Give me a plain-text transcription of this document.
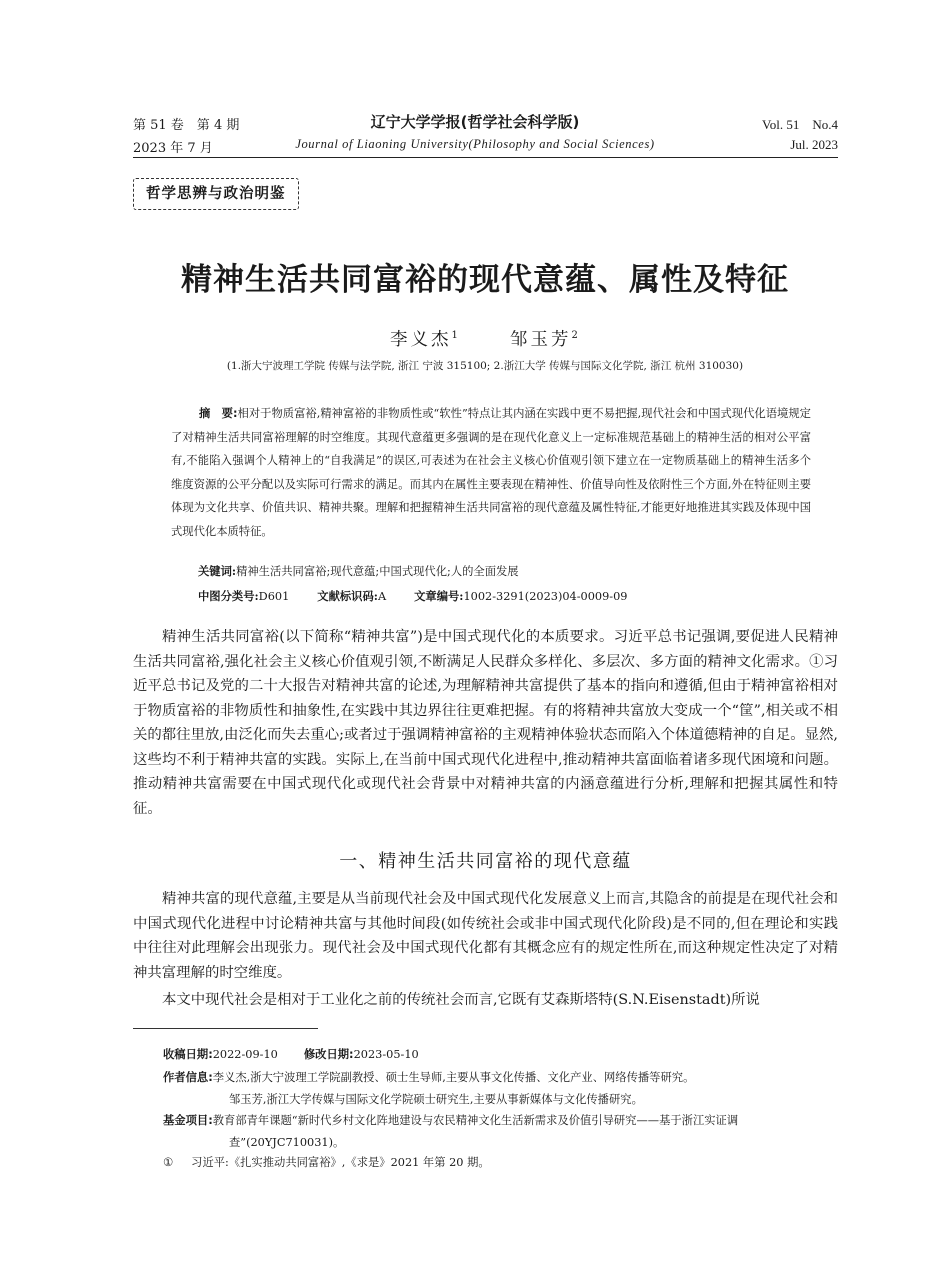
第 51 卷　第 4 期
2023 年 7 月
辽宁大学学报(哲学社会科学版)
Journal of Liaoning University(Philosophy and Social Sciences)
Vol. 51　No.4
Jul. 2023
哲学思辨与政治明鉴
精神生活共同富裕的现代意蕴、属性及特征
李义杰$^1$	邹玉芳$^2$
(1.浙大宁波理工学院 传媒与法学院, 浙江 宁波 315100; 2.浙江大学 传媒与国际文化学院, 浙江 杭州 310030)
摘　要:相对于物质富裕,精神富裕的非物质性或“软性”特点让其内涵在实践中更不易把握,现代社会和中国式现代化语境规定了对精神生活共同富裕理解的时空维度。其现代意蕴更多强调的是在现代化意义上一定标准规范基础上的精神生活的相对公平富有,不能陷入强调个人精神上的“自我满足”的误区,可表述为在社会主义核心价值观引领下建立在一定物质基础上的精神生活多个维度资源的公平分配以及实际可行需求的满足。而其内在属性主要表现在精神性、价值导向性及依附性三个方面,外在特征则主要体现为文化共享、价值共识、精神共聚。理解和把握精神生活共同富裕的现代意蕴及属性特征,才能更好地推进其实践及体现中国式现代化本质特征。
关键词:精神生活共同富裕;现代意蕴;中国式现代化;人的全面发展
中图分类号:D601 文献标识码:A 文章编号:1002-3291(2023)04-0009-09
精神生活共同富裕(以下简称“精神共富”)是中国式现代化的本质要求。习近平总书记强调,要促进人民精神生活共同富裕,强化社会主义核心价值观引领,不断满足人民群众多样化、多层次、多方面的精神文化需求。①习近平总书记及党的二十大报告对精神共富的论述,为理解精神共富提供了基本的指向和遵循,但由于精神富裕相对于物质富裕的非物质性和抽象性,在实践中其边界往往更难把握。有的将精神共富放大变成一个“筐”,相关或不相关的都往里放,由泛化而失去重心;或者过于强调精神富裕的主观精神体验状态而陷入个体道德精神的自足。显然,这些均不利于精神共富的实践。实际上,在当前中国式现代化进程中,推动精神共富面临着诸多现代困境和问题。推动精神共富需要在中国式现代化或现代社会背景中对精神共富的内涵意蕴进行分析,理解和把握其属性和特征。
一、精神生活共同富裕的现代意蕴
精神共富的现代意蕴,主要是从当前现代社会及中国式现代化发展意义上而言,其隐含的前提是在现代社会和中国式现代化进程中讨论精神共富与其他时间段(如传统社会或非中国式现代化阶段)是不同的,但在理论和实践中往往对此理解会出现张力。现代社会及中国式现代化都有其概念应有的规定性所在,而这种规定性决定了对精神共富理解的时空维度。
本文中现代社会是相对于工业化之前的传统社会而言,它既有艾森斯塔特(S.N.Eisenstadt)所说
收稿日期:2022-09-10 修改日期:2023-05-10
作者信息:李义杰,浙大宁波理工学院副教授、硕士生导师,主要从事文化传播、文化产业、网络传播等研究。
邹玉芳,浙江大学传媒与国际文化学院硕士研究生,主要从事新媒体与文化传播研究。
基金项目:教育部青年课题“新时代乡村文化阵地建设与农民精神文化生活新需求及价值引导研究——基于浙江实证调查”(20YJC710031)。
① 习近平:《扎实推动共同富裕》,《求是》2021 年第 20 期。
